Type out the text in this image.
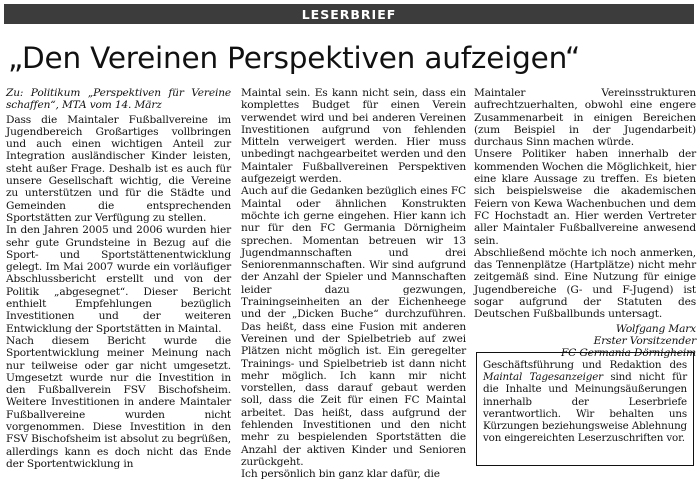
LESERBRIEF
„Den Vereinen Perspektiven aufzeigen“

Zu: Politikum „Perspektiven für Vereine schaffen“, MTA vom 14. März

Dass die Maintaler Fußballvereine im Jugendbereich Großartiges vollbringen und auch einen wichtigen Anteil zur Integration ausländischer Kinder leisten, steht außer Frage. Deshalb ist es auch für unsere Gesellschaft wichtig, die Vereine zu unterstützen und für die Städte und Gemeinden die entsprechenden Sportstätten zur Verfügung zu stellen.

In den Jahren 2005 und 2006 wurden hier sehr gute Grundsteine in Bezug auf die Sport- und Sportstättenentwicklung gelegt. Im Mai 2007 wurde ein vorläufiger Abschlussbericht erstellt und von der Politik „abgesegnet“. Dieser Bericht enthielt Empfehlungen bezüglich Investitionen und der weiteren Entwicklung der Sportstätten in Maintal.

Nach diesem Bericht wurde die Sportentwicklung meiner Meinung nach nur teilweise oder gar nicht umgesetzt. Umgesetzt wurde nur die Investition in den Fußballverein FSV Bischofsheim. Weitere Investitionen in andere Maintaler Fußballvereine wurden nicht vorgenommen. Diese Investition in den FSV Bischofsheim ist absolut zu begrüßen, allerdings kann es doch nicht das Ende der Sportentwicklung in

Maintal sein. Es kann nicht sein, dass ein komplettes Budget für einen Verein verwendet wird und bei anderen Vereinen Investitionen aufgrund von fehlenden Mitteln verweigert werden. Hier muss unbedingt nachgearbeitet werden und den Maintaler Fußballvereinen Perspektiven aufgezeigt werden.

Auch auf die Gedanken bezüglich eines FC Maintal oder ähnlichen Konstrukten möchte ich gerne eingehen. Hier kann ich nur für den FC Germania Dörnigheim sprechen. Momentan betreuen wir 13 Jugendmannschaften und drei Seniorenmannschaften. Wir sind aufgrund der Anzahl der Spieler und Mannschaften leider dazu gezwungen, Trainingseinheiten an der Eichenheege und der „Dicken Buche“ durchzuführen. Das heißt, dass eine Fusion mit anderen Vereinen und der Spielbetrieb auf zwei Plätzen nicht möglich ist. Ein geregelter Trainings- und Spielbetrieb ist dann nicht mehr möglich. Ich kann mir nicht vorstellen, dass darauf gebaut werden soll, dass die Zeit für einen FC Maintal arbeitet. Das heißt, dass aufgrund der fehlenden Investitionen und den nicht mehr zu bespielenden Sportstätten die Anzahl der aktiven Kinder und Senioren zurückgeht.

Ich persönlich bin ganz klar dafür, die

Maintaler Vereinsstrukturen aufrechtzuerhalten, obwohl eine engere Zusammenarbeit in einigen Bereichen (zum Beispiel in der Jugendarbeit) durchaus Sinn machen würde.

Unsere Politiker haben innerhalb der kommenden Wochen die Möglichkeit, hier eine klare Aussage zu treffen. Es bieten sich beispielsweise die akademischen Feiern von Kewa Wachenbuchen und dem FC Hochstadt an. Hier werden Vertreter aller Maintaler Fußballvereine anwesend sein.

Abschließend möchte ich noch anmerken, das Tennenplätze (Hartplätze) nicht mehr zeitgemäß sind. Eine Nutzung für einige Jugendbereiche (G- und F-Jugend) ist sogar aufgrund der Statuten des Deutschen Fußballbunds untersagt.

Wolfgang Marx
Erster Vorsitzender
FC Germania Dörnigheim
Geschäftsführung und Redaktion des Maintal Tagesanzeiger sind nicht für die Inhalte und Meinungsäußerungen innerhalb der Leserbriefe verantwortlich. Wir behalten uns Kürzungen beziehungsweise Ablehnung von eingereichten Leserzuschriften vor.
